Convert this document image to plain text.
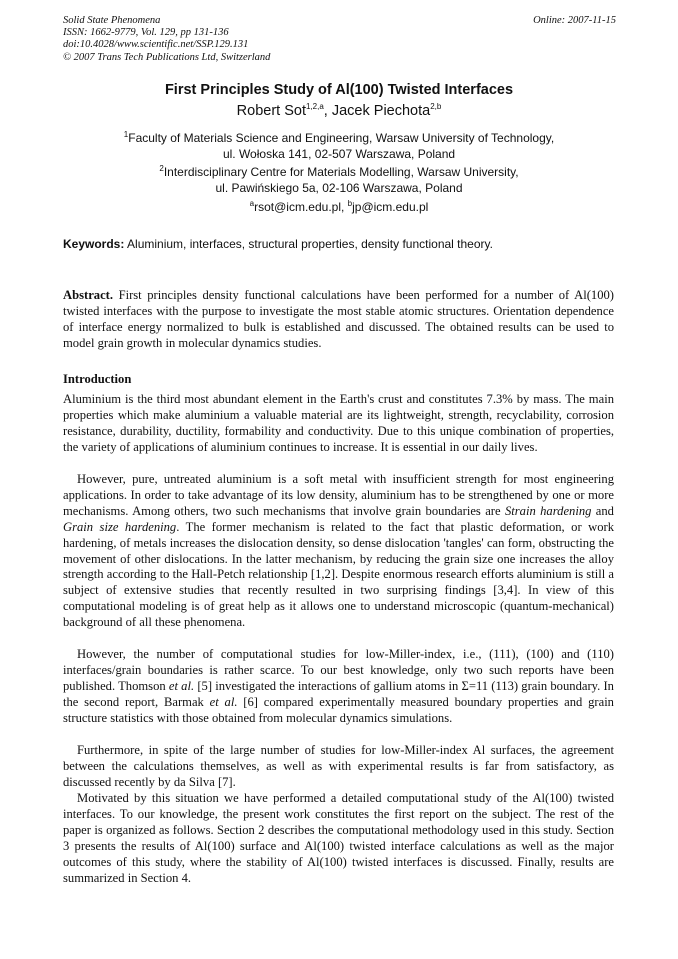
Solid State Phenomena
ISSN: 1662-9779, Vol. 129, pp 131-136
doi:10.4028/www.scientific.net/SSP.129.131
© 2007 Trans Tech Publications Ltd, Switzerland
Online: 2007-11-15
First Principles Study of Al(100) Twisted Interfaces
Robert Sot$^{1,2,a}$, Jacek Piechota$^{2,b}$
$^1$Faculty of Materials Science and Engineering, Warsaw University of Technology,
ul. Wołoska 141, 02-507 Warszawa, Poland
$^2$Interdisciplinary Centre for Materials Modelling, Warsaw University,
ul. Pawińskiego 5a, 02-106 Warszawa, Poland
$^a$rsot@icm.edu.pl, $^b$jp@icm.edu.pl
Keywords: Aluminium, interfaces, structural properties, density functional theory.
Abstract. First principles density functional calculations have been performed for a number of Al(100) twisted interfaces with the purpose to investigate the most stable atomic structures. Orientation dependence of interface energy normalized to bulk is established and discussed. The obtained results can be used to model grain growth in molecular dynamics studies.
Introduction
Aluminium is the third most abundant element in the Earth's crust and constitutes 7.3% by mass. The main properties which make aluminium a valuable material are its lightweight, strength, recyclability, corrosion resistance, durability, ductility, formability and conductivity. Due to this unique combination of properties, the variety of applications of aluminium continues to increase. It is essential in our daily lives.
However, pure, untreated aluminium is a soft metal with insufficient strength for most engineering applications. In order to take advantage of its low density, aluminium has to be strengthened by one or more mechanisms. Among others, two such mechanisms that involve grain boundaries are Strain hardening and Grain size hardening. The former mechanism is related to the fact that plastic deformation, or work hardening, of metals increases the dislocation density, so dense dislocation 'tangles' can form, obstructing the movement of other dislocations. In the latter mechanism, by reducing the grain size one increases the alloy strength according to the Hall-Petch relationship [1,2]. Despite enormous research efforts aluminium is still a subject of extensive studies that recently resulted in two surprising findings [3,4]. In view of this computational modeling is of great help as it allows one to understand microscopic (quantum-mechanical) background of all these phenomena.
However, the number of computational studies for low-Miller-index, i.e., (111), (100) and (110) interfaces/grain boundaries is rather scarce. To our best knowledge, only two such reports have been published. Thomson et al. [5] investigated the interactions of gallium atoms in Σ=11 (113) grain boundary. In the second report, Barmak et al. [6] compared experimentally measured boundary properties and grain structure statistics with those obtained from molecular dynamics simulations.
Furthermore, in spite of the large number of studies for low-Miller-index Al surfaces, the agreement between the calculations themselves, as well as with experimental results is far from satisfactory, as discussed recently by da Silva [7].
Motivated by this situation we have performed a detailed computational study of the Al(100) twisted interfaces. To our knowledge, the present work constitutes the first report on the subject. The rest of the paper is organized as follows. Section 2 describes the computational methodology used in this study. Section 3 presents the results of Al(100) surface and Al(100) twisted interface calculations as well as the major outcomes of this study, where the stability of Al(100) twisted interfaces is discussed. Finally, results are summarized in Section 4.
